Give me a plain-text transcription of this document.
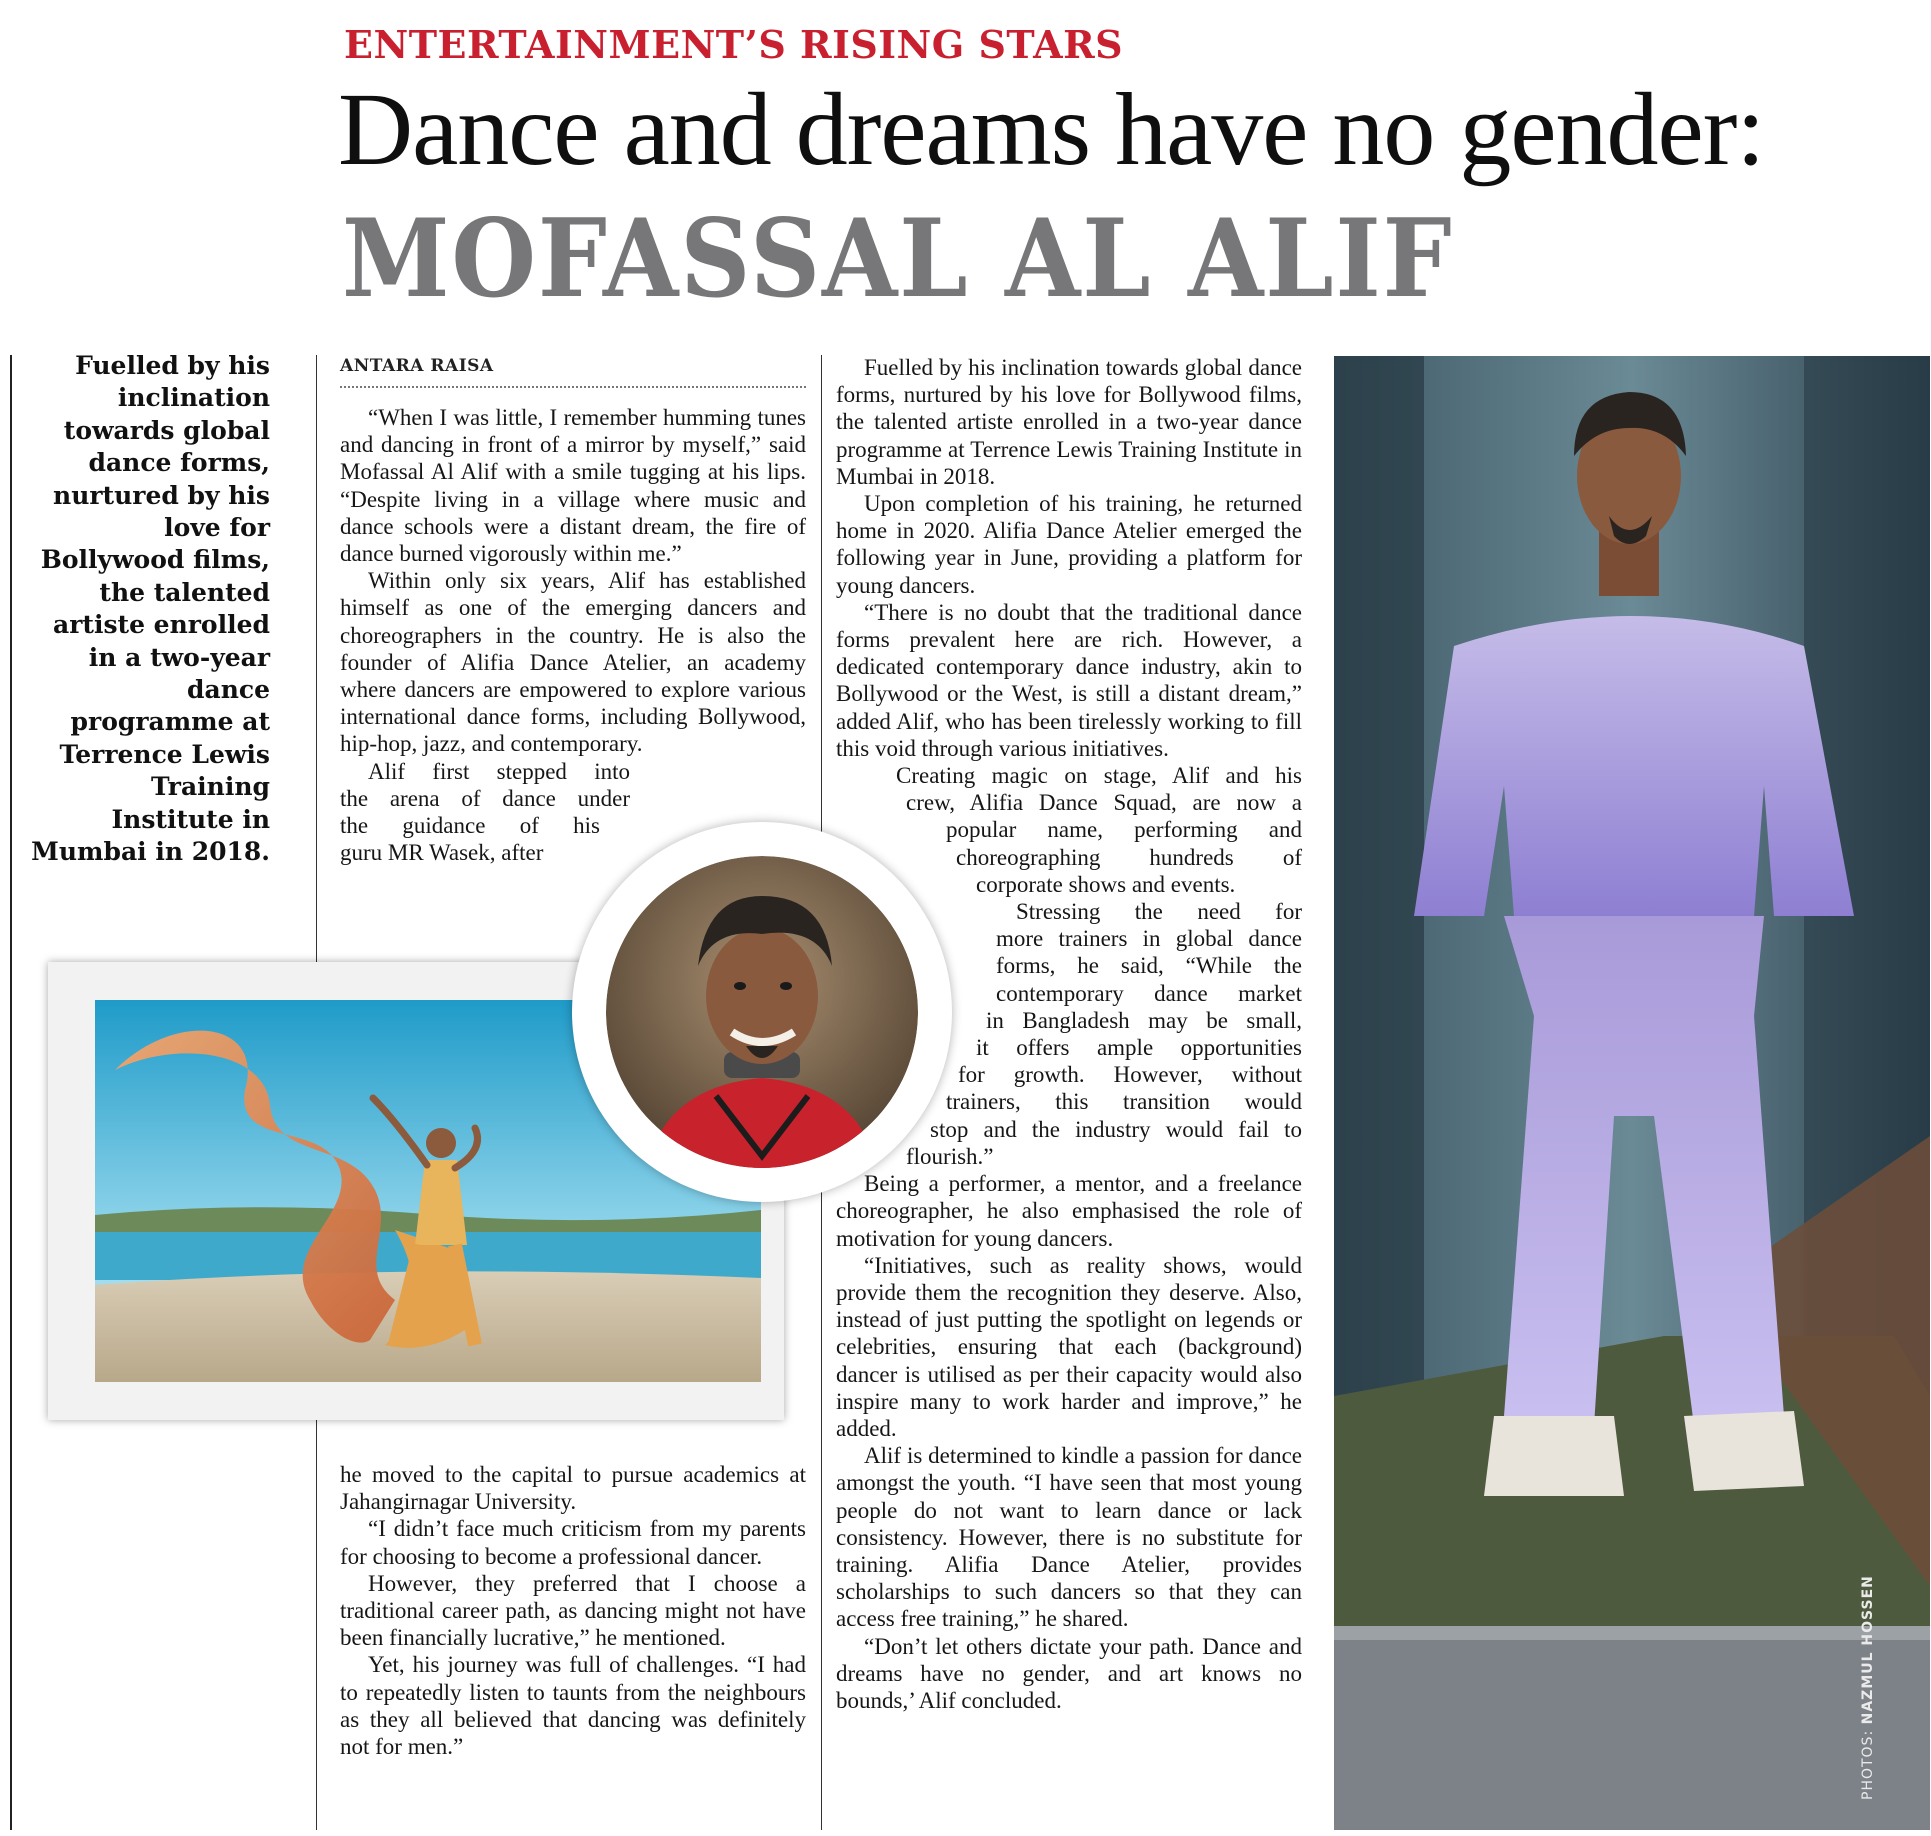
ENTERTAINMENT’S RISING STARS
Dance and dreams have no gender:
MOFASSAL AL ALIF
Fuelled by his inclination towards global dance forms, nurtured by his love for Bollywood films, the talented artiste enrolled in a two-year dance programme at Terrence Lewis Training Institute in Mumbai in 2018.
ANTARA RAISA

“When I was little, I remember humming tunes and dancing in front of a mirror by myself,” said Mofassal Al Alif with a smile tugging at his lips. “Despite living in a village where music and dance schools were a distant dream, the fire of dance burned vigorously within me.”

Within only six years, Alif has established himself as one of the emerging dancers and choreographers in the country. He is also the founder of Alifia Dance Atelier, an academy where dancers are empowered to explore various international dance forms, including Bollywood, hip-hop, jazz, and contemporary.

Alif first stepped into

the arena of dance under

the guidance of his

guru MR Wasek, after

he moved to the capital to pursue academics at Jahangirnagar University.

“I didn’t face much criticism from my parents for choosing to become a professional dancer.

However, they preferred that I choose a traditional career path, as dancing might not have been financially lucrative,” he mentioned.

Yet, his journey was full of challenges. “I had to repeatedly listen to taunts from the neighbours as they all believed that dancing was definitely not for men.”

Fuelled by his inclination towards global dance forms, nurtured by his love for Bollywood films, the talented artiste enrolled in a two-year dance programme at Terrence Lewis Training Institute in Mumbai in 2018.

Upon completion of his training, he returned home in 2020. Alifia Dance Atelier emerged the following year in June, providing a platform for young dancers.

“There is no doubt that the traditional dance forms prevalent here are rich. However, a dedicated contemporary dance industry, akin to Bollywood or the West, is still a distant dream,” added Alif, who has been tirelessly working to fill this void through various initiatives.

Creating magic on stage, Alif and his
crew, Alifia Dance Squad, are now a
popular name, performing and
choreographing hundreds of
corporate shows and events.
Stressing the need for
more trainers in global dance
forms, he said, “While the
contemporary dance market
in Bangladesh may be small,
it offers ample opportunities
for growth. However, without
trainers, this transition would
stop and the industry would fail to
flourish.”

Being a performer, a mentor, and a freelance choreographer, he also emphasised the role of motivation for young dancers.

“Initiatives, such as reality shows, would provide them the recognition they deserve. Also, instead of just putting the spotlight on legends or celebrities, ensuring that each (background) dancer is utilised as per their capacity would also inspire many to work harder and improve,” he added.

Alif is determined to kindle a passion for dance amongst the youth. “I have seen that most young people do not want to learn dance or lack consistency. However, there is no substitute for training. Alifia Dance Atelier, provides scholarships to such dancers so that they can access free training,” he shared.

“Don’t let others dictate your path. Dance and dreams have no gender, and art knows no bounds,’ Alif concluded.

PHOTOS: NAZMUL HOSSEN
